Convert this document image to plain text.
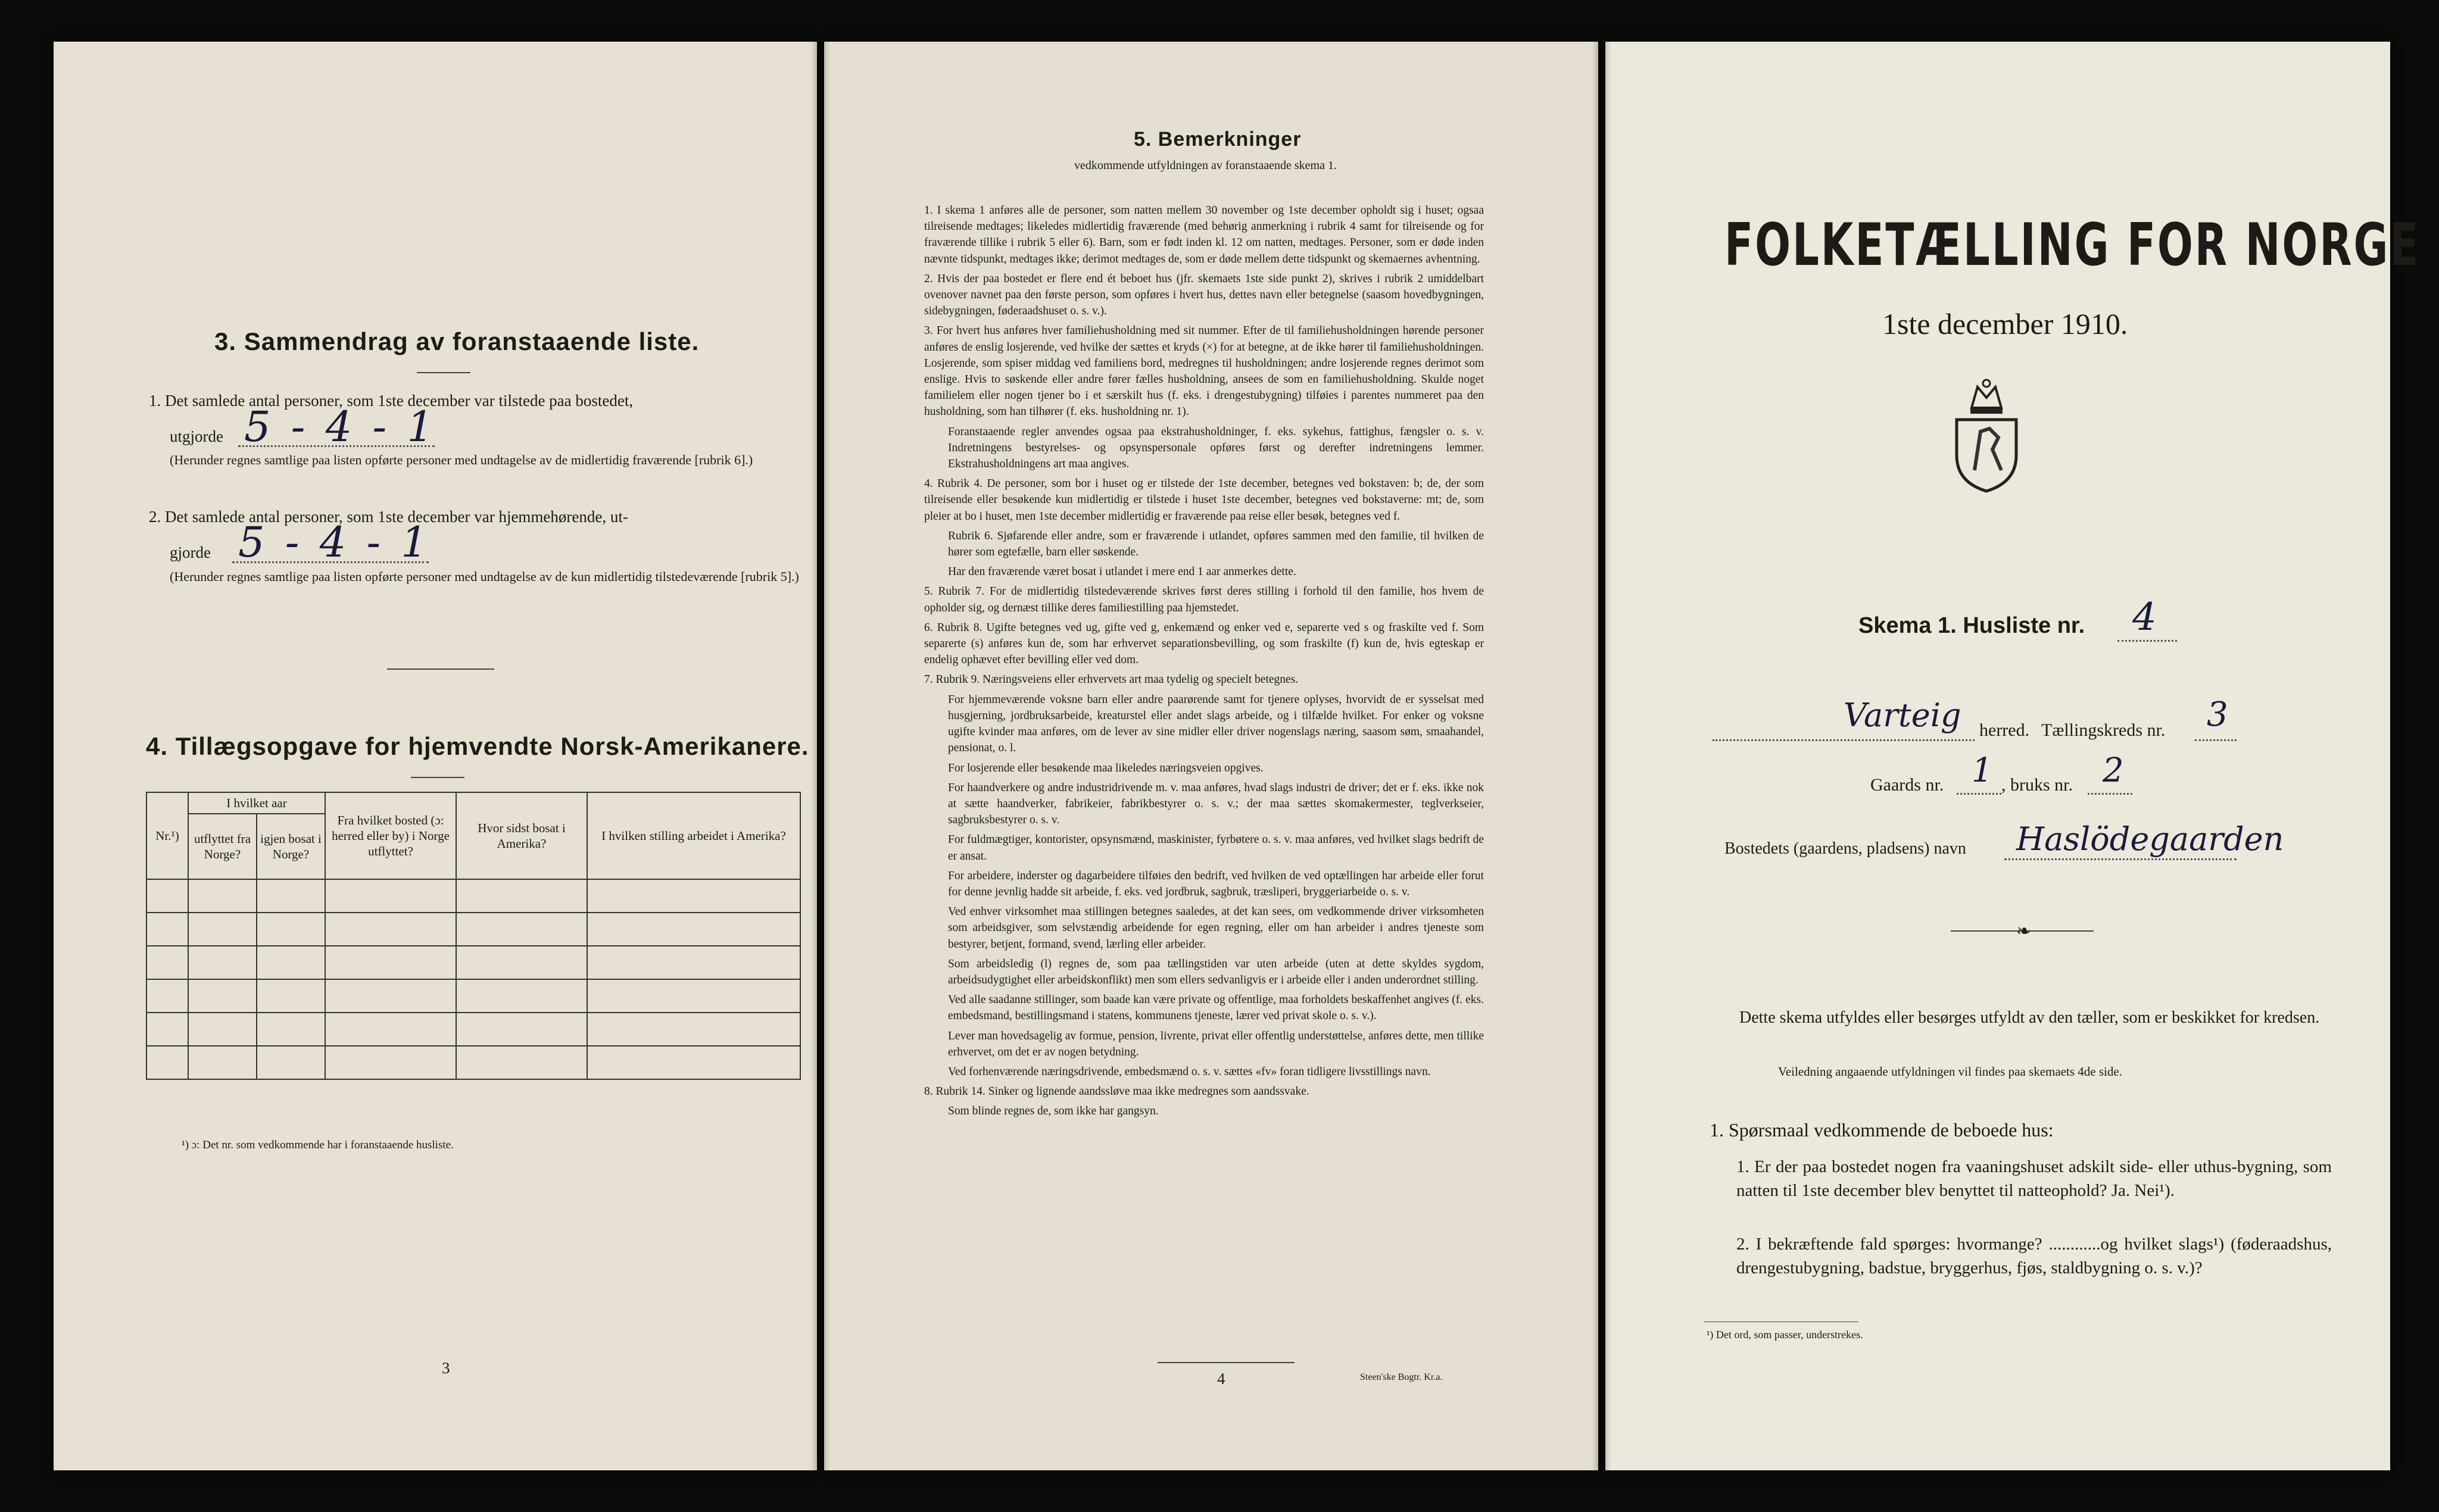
3. Sammendrag av foranstaaende liste.
1. Det samlede antal personer, som 1ste december var tilstede paa bostedet,
utgjorde 5 - 4 - 1
(Herunder regnes samtlige paa listen opførte personer med undtagelse av de midlertidig fraværende [rubrik 6].)
2. Det samlede antal personer, som 1ste december var hjemmehørende, ut-
gjorde 5 - 4 - 1
(Herunder regnes samtlige paa listen opførte personer med undtagelse av de kun midlertidig tilstedeværende [rubrik 5].)
4. Tillægsopgave for hjemvendte Norsk-Amerikanere.
Nr.¹)	I hvilket aar		Fra hvilket bosted (ɔ: herred eller by) i Norge utflyttet?	Hvor sidst bosat i Amerika?	I hvilken stilling arbeidet i Amerika?
	utflyttet fra Norge?	igjen bosat i Norge?			

¹) ɔ: Det nr. som vedkommende har i foranstaaende husliste.
3
5. Bemerkninger
vedkommende utfyldningen av foranstaaende skema 1.

1. I skema 1 anføres alle de personer, som natten mellem 30 november og 1ste december opholdt sig i huset; ogsaa tilreisende medtages; likeledes midlertidig fraværende (med behørig anmerkning i rubrik 4 samt for tilreisende og for fraværende tillike i rubrik 5 eller 6). Barn, som er født inden kl. 12 om natten, medtages. Personer, som er døde inden nævnte tidspunkt, medtages ikke; derimot medtages de, som er døde mellem dette tidspunkt og skemaernes avhentning.

2. Hvis der paa bostedet er flere end ét beboet hus (jfr. skemaets 1ste side punkt 2), skrives i rubrik 2 umiddelbart ovenover navnet paa den første person, som opføres i hvert hus, dettes navn eller betegnelse (saasom hovedbygningen, sidebygningen, føderaadshuset o. s. v.).

3. For hvert hus anføres hver familiehusholdning med sit nummer. Efter de til familiehusholdningen hørende personer anføres de enslig losjerende, ved hvilke der sættes et kryds (×) for at betegne, at de ikke hører til familiehusholdningen. Losjerende, som spiser middag ved familiens bord, medregnes til husholdningen; andre losjerende regnes derimot som enslige. Hvis to søskende eller andre fører fælles husholdning, ansees de som en familiehusholdning. Skulde noget familielem eller nogen tjener bo i et særskilt hus (f. eks. i drengestubygning) tilføies i parentes nummeret paa den husholdning, som han tilhører (f. eks. husholdning nr. 1).

Foranstaaende regler anvendes ogsaa paa ekstrahusholdninger, f. eks. sykehus, fattighus, fængsler o. s. v. Indretningens bestyrelses- og opsynspersonale opføres først og derefter indretningens lemmer. Ekstrahusholdningens art maa angives.

4. Rubrik 4. De personer, som bor i huset og er tilstede der 1ste december, betegnes ved bokstaven: b; de, der som tilreisende eller besøkende kun midlertidig er tilstede i huset 1ste december, betegnes ved bokstaverne: mt; de, som pleier at bo i huset, men 1ste december midlertidig er fraværende paa reise eller besøk, betegnes ved f.

Rubrik 6. Sjøfarende eller andre, som er fraværende i utlandet, opføres sammen med den familie, til hvilken de hører som egtefælle, barn eller søskende.

Har den fraværende været bosat i utlandet i mere end 1 aar anmerkes dette.

5. Rubrik 7. For de midlertidig tilstedeværende skrives først deres stilling i forhold til den familie, hos hvem de opholder sig, og dernæst tillike deres familiestilling paa hjemstedet.

6. Rubrik 8. Ugifte betegnes ved ug, gifte ved g, enkemænd og enker ved e, separerte ved s og fraskilte ved f. Som separerte (s) anføres kun de, som har erhvervet separationsbevilling, og som fraskilte (f) kun de, hvis egteskap er endelig ophævet efter bevilling eller ved dom.

7. Rubrik 9. Næringsveiens eller erhvervets art maa tydelig og specielt betegnes.

For hjemmeværende voksne barn eller andre paarørende samt for tjenere oplyses, hvorvidt de er sysselsat med husgjerning, jordbruksarbeide, kreaturstel eller andet slags arbeide, og i tilfælde hvilket. For enker og voksne ugifte kvinder maa anføres, om de lever av sine midler eller driver nogenslags næring, saasom søm, smaahandel, pensionat, o. l.

For losjerende eller besøkende maa likeledes næringsveien opgives.

For haandverkere og andre industridrivende m. v. maa anføres, hvad slags industri de driver; det er f. eks. ikke nok at sætte haandverker, fabrikeier, fabrikbestyrer o. s. v.; der maa sættes skomakermester, teglverkseier, sagbruksbestyrer o. s. v.

For fuldmægtiger, kontorister, opsynsmænd, maskinister, fyrbøtere o. s. v. maa anføres, ved hvilket slags bedrift de er ansat.

For arbeidere, inderster og dagarbeidere tilføies den bedrift, ved hvilken de ved optællingen har arbeide eller forut for denne jevnlig hadde sit arbeide, f. eks. ved jordbruk, sagbruk, træsliperi, bryggeriarbeide o. s. v.

Ved enhver virksomhet maa stillingen betegnes saaledes, at det kan sees, om vedkommende driver virksomheten som arbeidsgiver, som selvstændig arbeidende for egen regning, eller om han arbeider i andres tjeneste som bestyrer, betjent, formand, svend, lærling eller arbeider.

Som arbeidsledig (l) regnes de, som paa tællingstiden var uten arbeide (uten at dette skyldes sygdom, arbeidsudygtighet eller arbeidskonflikt) men som ellers sedvanligvis er i arbeide eller i anden underordnet stilling.

Ved alle saadanne stillinger, som baade kan være private og offentlige, maa forholdets beskaffenhet angives (f. eks. embedsmand, bestillingsmand i statens, kommunens tjeneste, lærer ved privat skole o. s. v.).

Lever man hovedsagelig av formue, pension, livrente, privat eller offentlig understøttelse, anføres dette, men tillike erhvervet, om det er av nogen betydning.

Ved forhenværende næringsdrivende, embedsmænd o. s. v. sættes «fv» foran tidligere livsstillings navn.

8. Rubrik 14. Sinker og lignende aandssløve maa ikke medregnes som aandssvake.

Som blinde regnes de, som ikke har gangsyn.

4	Steen'ske Bogtr. Kr.a.
FOLKETÆLLING FOR NORGE
1ste december 1910.
Skema 1. Husliste nr. 4
Varteig herred. Tællingskreds nr. 3
Gaards nr. 1 , bruks nr. 2
Bostedets (gaardens, pladsens) navn Haslödegaarden
❧
Dette skema utfyldes eller besørges utfyldt av den tæller, som er beskikket for kredsen.
Veiledning angaaende utfyldningen vil findes paa skemaets 4de side.
1. Spørsmaal vedkommende de beboede hus:
1. Er der paa bostedet nogen fra vaaningshuset adskilt side- eller uthus-bygning, som natten til 1ste december blev benyttet til natteophold? Ja. Nei¹).
2. I bekræftende fald spørges: hvormange? ............og hvilket slags¹) (føderaadshus, drengestubygning, badstue, bryggerhus, fjøs, staldbygning o. s. v.)?
¹) Det ord, som passer, understrekes.
